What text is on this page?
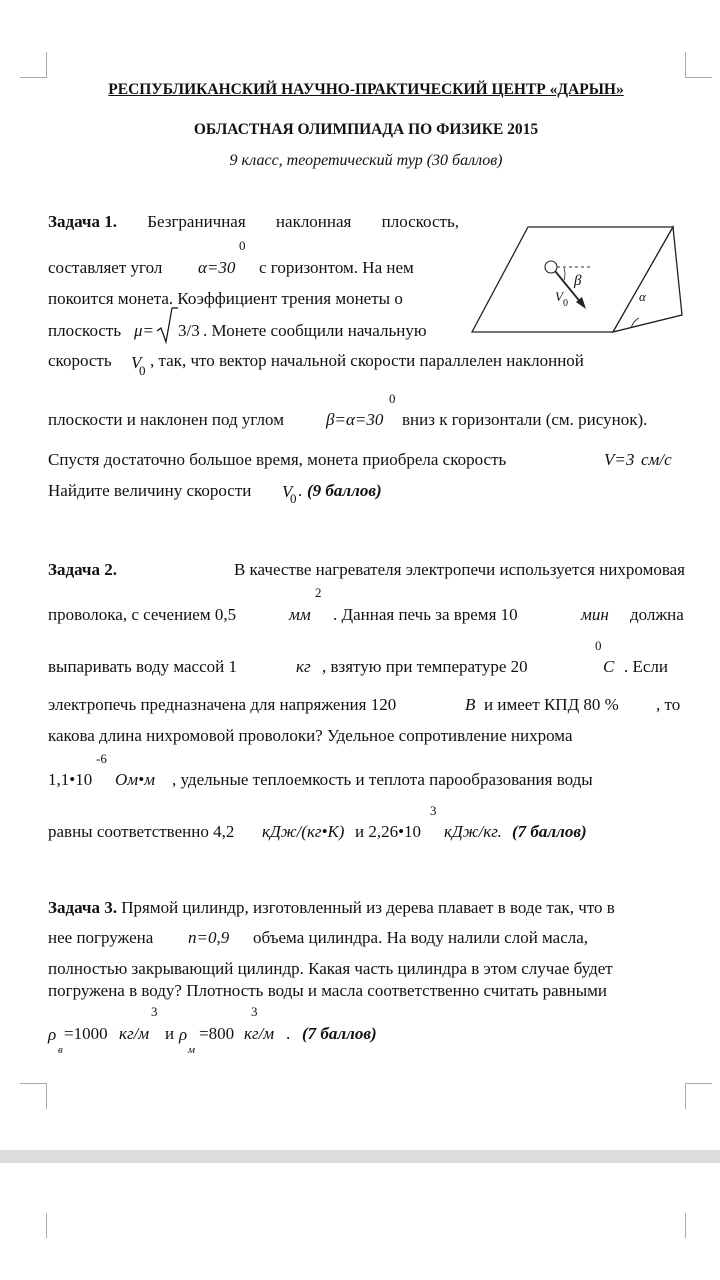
РЕСПУБЛИКАНСКИЙ НАУЧНО-ПРАКТИЧЕСКИЙ ЦЕНТР «ДАРЫН»
ОБЛАСТНАЯ ОЛИМПИАДА ПО ФИЗИКЕ 2015
9 класс, теоретический тур (30 баллов)
Задача 1. Безграничная наклонная плоскость,
0
составляет угол α=30 с горизонтом. На нем
покоится монета. Коэффициент трения монеты о
плоскость μ= 3/3 . Монете сообщили начальную
скорость V
0
, так, что вектор начальной скорости параллелен наклонной
0
плоскости и наклонен под углом β=α=30 вниз к горизонтали (см. рисунок).
Спустя достаточно большое время, монета приобрела скорость	V=3 см/с
Найдите величину скорости V
0 . (9 баллов)
β
α
V 0
Задача 2.	В качестве нагревателя электропечи используется нихромовая
2
проволока, с сечением 0,5	мм . Данная печь за время 10	мин должна
0
выпаривать воду массой 1	кг , взятую при температуре 20	С . Если
электропечь предназначена для напряжения 120	В и имеет КПД 80 % , то
какова длина нихромовой проволоки? Удельное сопротивление нихрома
-6
1,1•10 Ом•м , удельные теплоемкость и теплота парообразования воды
3
равны соответственно 4,2 кДж/(кг•К) и 2,26•10 кДж/кг. (7 баллов)
Задача 3. Прямой цилиндр, изготовленный из дерева плавает в воде так, что в
нее погружена n=0,9 объема цилиндра. На воду налили слой масла,
полностью закрывающий цилиндр. Какая часть цилиндра в этом случае будет
погружена в воду? Плотность воды и масла соответственно считать равными
3	3
ρ
в
=1000 кг/м и ρ
м
=800 кг/м . (7 баллов)
